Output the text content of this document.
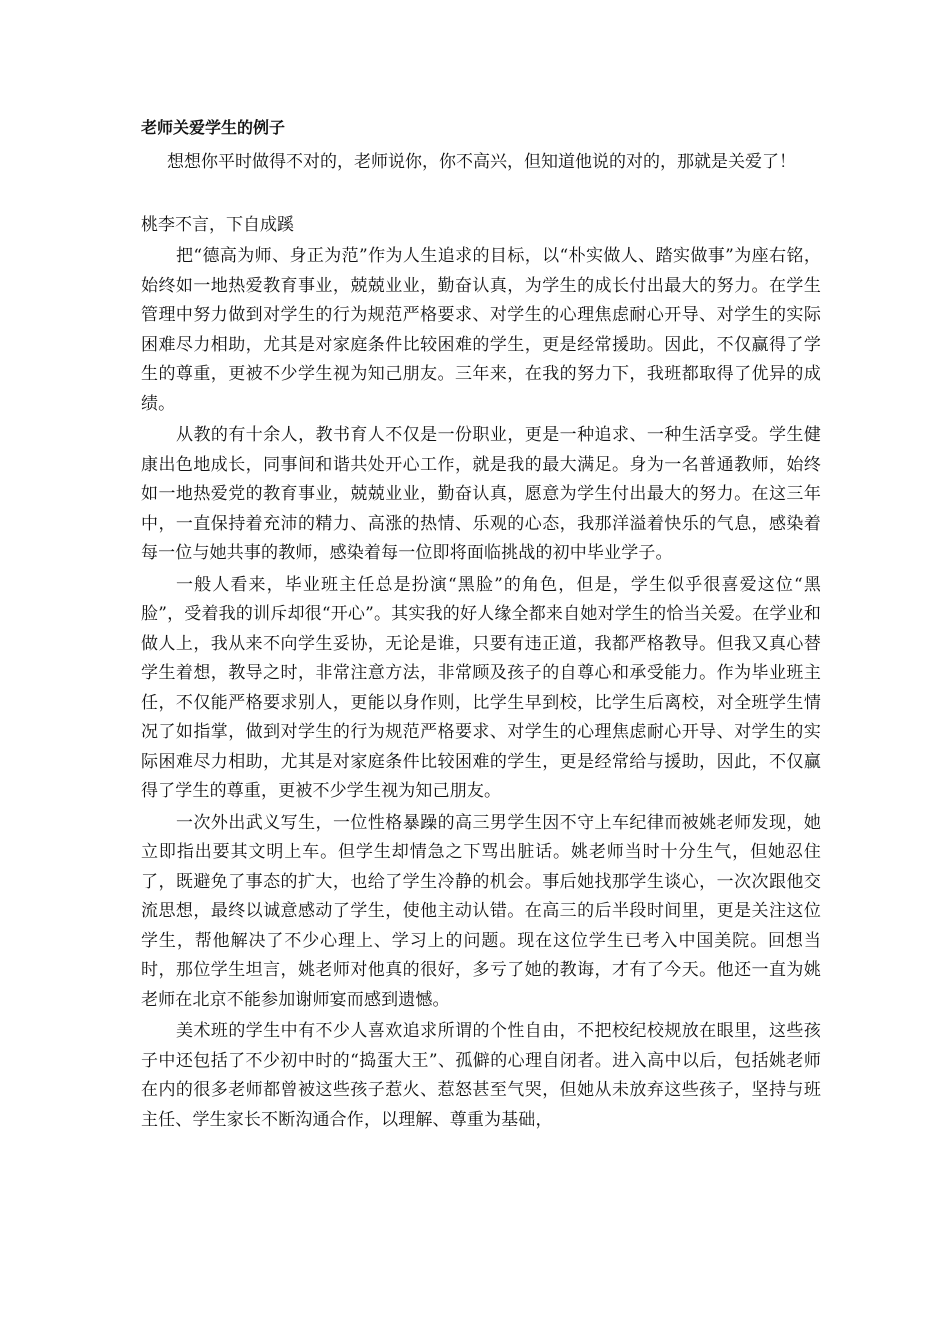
老师关爱学生的例子

想想你平时做得不对的，老师说你，你不高兴，但知道他说的对的，那就是关爱了！

桃李不言，下自成蹊

把“德高为师、身正为范”作为人生追求的目标，以“朴实做人、踏实做事”为座右铭，始终如一地热爱教育事业，兢兢业业，勤奋认真，为学生的成长付出最大的努力。在学生管理中努力做到对学生的行为规范严格要求、对学生的心理焦虑耐心开导、对学生的实际困难尽力相助，尤其是对家庭条件比较困难的学生，更是经常援助。因此，不仅赢得了学生的尊重，更被不少学生视为知己朋友。三年来，在我的努力下，我班都取得了优异的成绩。

从教的有十余人，教书育人不仅是一份职业，更是一种追求、一种生活享受。学生健康出色地成长，同事间和谐共处开心工作，就是我的最大满足。身为一名普通教师，始终如一地热爱党的教育事业，兢兢业业，勤奋认真，愿意为学生付出最大的努力。在这三年中，一直保持着充沛的精力、高涨的热情、乐观的心态，我那洋溢着快乐的气息，感染着每一位与她共事的教师，感染着每一位即将面临挑战的初中毕业学子。

一般人看来，毕业班主任总是扮演“黑脸”的角色，但是，学生似乎很喜爱这位“黑脸”，受着我的训斥却很“开心”。其实我的好人缘全都来自她对学生的恰当关爱。在学业和做人上，我从来不向学生妥协，无论是谁，只要有违正道，我都严格教导。但我又真心替学生着想，教导之时，非常注意方法，非常顾及孩子的自尊心和承受能力。作为毕业班主任，不仅能严格要求别人，更能以身作则，比学生早到校，比学生后离校，对全班学生情况了如指掌，做到对学生的行为规范严格要求、对学生的心理焦虑耐心开导、对学生的实际困难尽力相助，尤其是对家庭条件比较困难的学生，更是经常给与援助，因此，不仅赢得了学生的尊重，更被不少学生视为知己朋友。

一次外出武义写生，一位性格暴躁的高三男学生因不守上车纪律而被姚老师发现，她立即指出要其文明上车。但学生却情急之下骂出脏话。姚老师当时十分生气，但她忍住了，既避免了事态的扩大，也给了学生冷静的机会。事后她找那学生谈心，一次次跟他交流思想，最终以诚意感动了学生，使他主动认错。在高三的后半段时间里，更是关注这位学生，帮他解决了不少心理上、学习上的问题。现在这位学生已考入中国美院。回想当时，那位学生坦言，姚老师对他真的很好，多亏了她的教诲，才有了今天。他还一直为姚老师在北京不能参加谢师宴而感到遗憾。

美术班的学生中有不少人喜欢追求所谓的个性自由，不把校纪校规放在眼里，这些孩子中还包括了不少初中时的“捣蛋大王”、孤僻的心理自闭者。进入高中以后，包括姚老师在内的很多老师都曾被这些孩子惹火、惹怒甚至气哭，但她从未放弃这些孩子，坚持与班主任、学生家长不断沟通合作，以理解、尊重为基础，
